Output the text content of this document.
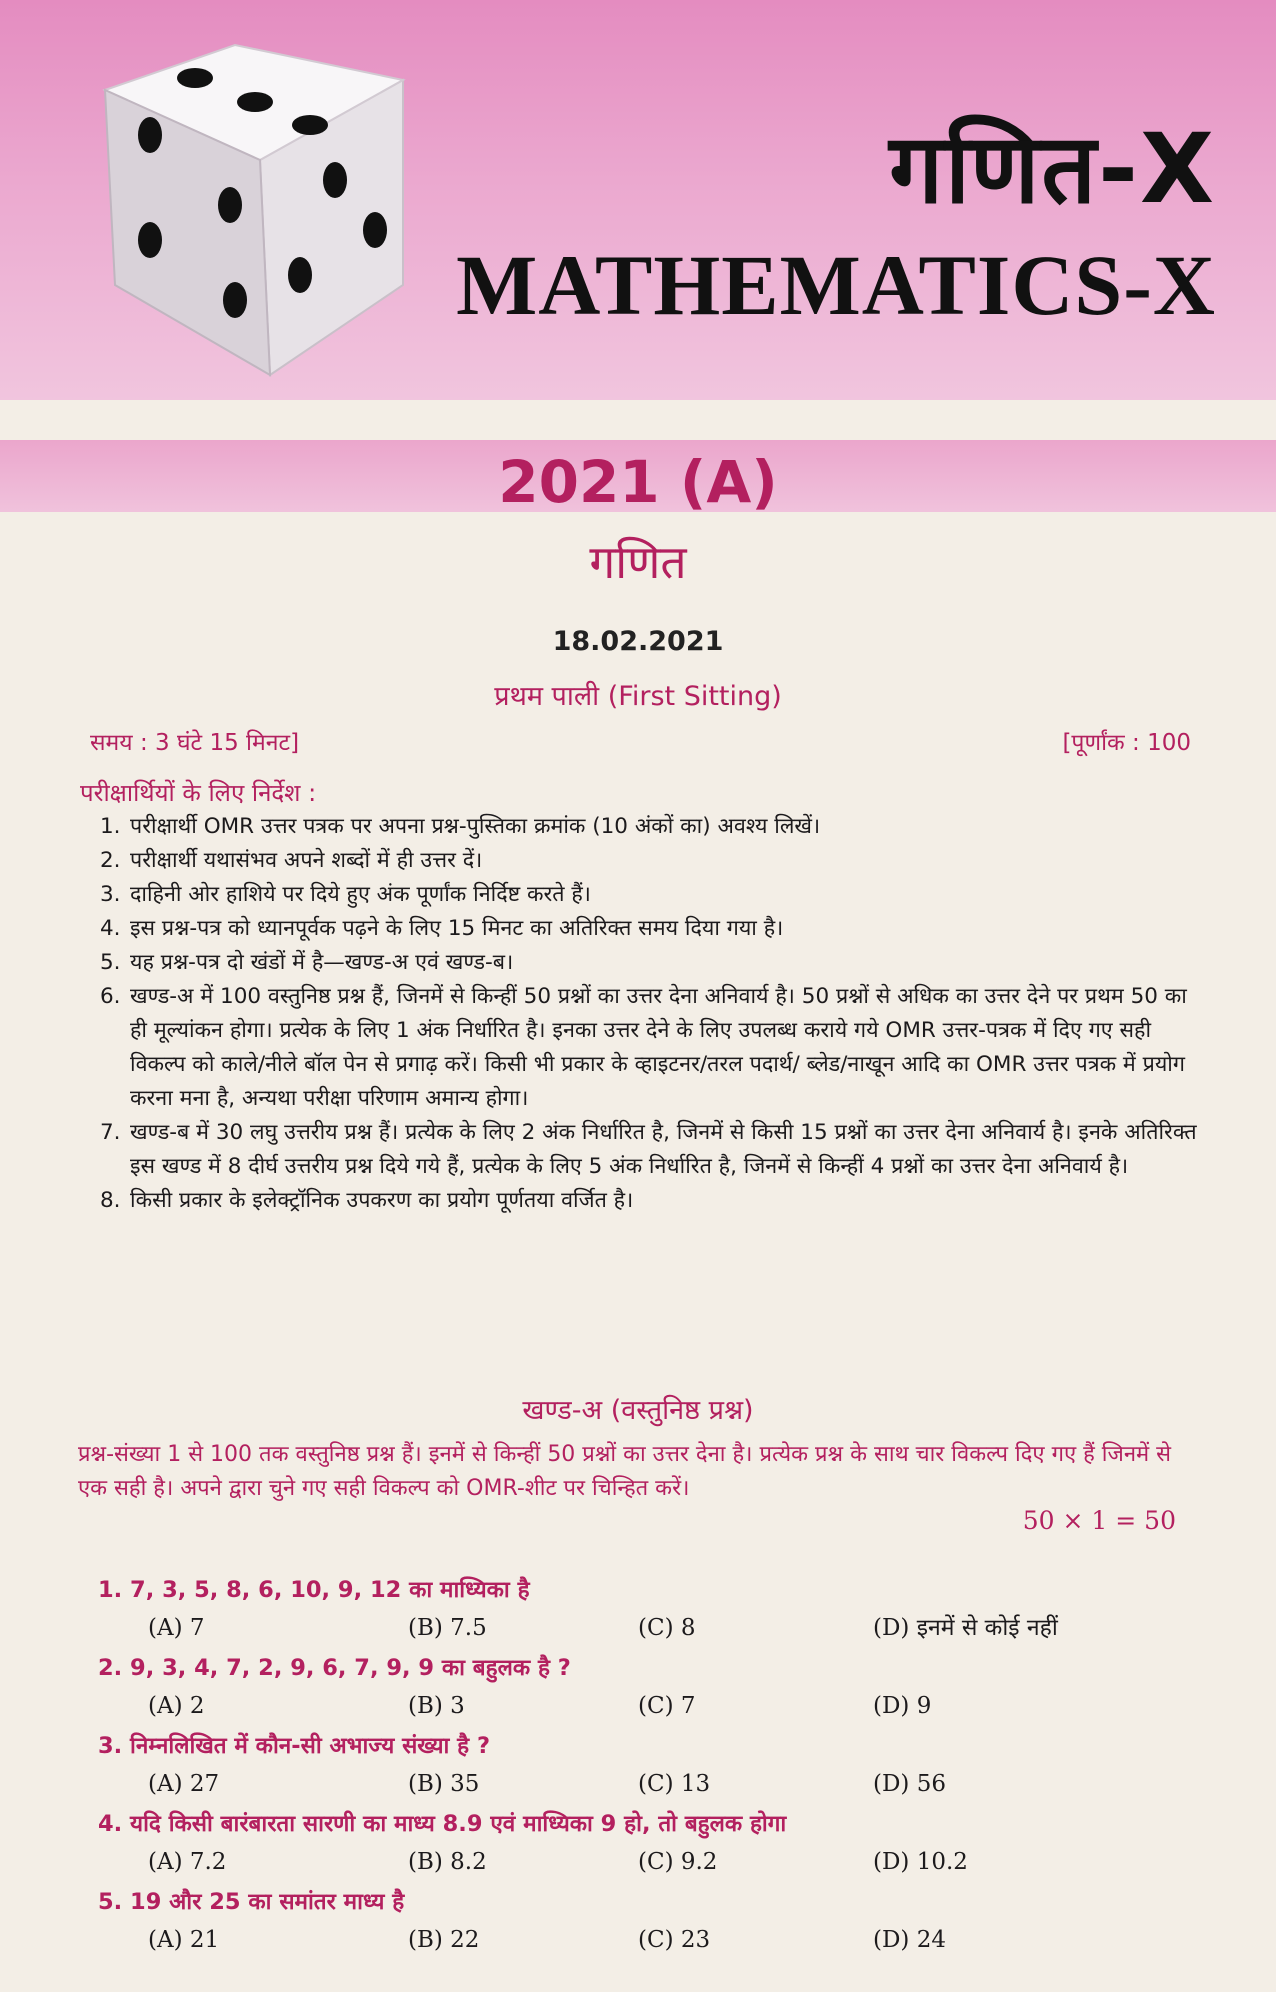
गणित-X
MATHEMATICS-X
2021 (A)
गणित
18.02.2021
प्रथम पाली (First Sitting)
समय : 3 घंटे 15 मिनट]	[पूर्णांक : 100
परीक्षार्थियों के लिए निर्देश :
1. परीक्षार्थी OMR उत्तर पत्रक पर अपना प्रश्न-पुस्तिका क्रमांक (10 अंकों का) अवश्य लिखें।
2. परीक्षार्थी यथासंभव अपने शब्दों में ही उत्तर दें।
3. दाहिनी ओर हाशिये पर दिये हुए अंक पूर्णांक निर्दिष्ट करते हैं।
4. इस प्रश्न-पत्र को ध्यानपूर्वक पढ़ने के लिए 15 मिनट का अतिरिक्त समय दिया गया है।
5. यह प्रश्न-पत्र दो खंडों में है—खण्ड-अ एवं खण्ड-ब।
6. खण्ड-अ में 100 वस्तुनिष्ठ प्रश्न हैं, जिनमें से किन्हीं 50 प्रश्नों का उत्तर देना अनिवार्य है। 50 प्रश्नों से अधिक का उत्तर देने पर प्रथम 50 का ही मूल्यांकन होगा। प्रत्येक के लिए 1 अंक निर्धारित है। इनका उत्तर देने के लिए उपलब्ध कराये गये OMR उत्तर-पत्रक में दिए गए सही विकल्प को काले/नीले बॉल पेन से प्रगाढ़ करें। किसी भी प्रकार के व्हाइटनर/तरल पदार्थ/ ब्लेड/नाखून आदि का OMR उत्तर पत्रक में प्रयोग करना मना है, अन्यथा परीक्षा परिणाम अमान्य होगा।
7. खण्ड-ब में 30 लघु उत्तरीय प्रश्न हैं। प्रत्येक के लिए 2 अंक निर्धारित है, जिनमें से किसी 15 प्रश्नों का उत्तर देना अनिवार्य है। इनके अतिरिक्त इस खण्ड में 8 दीर्घ उत्तरीय प्रश्न दिये गये हैं, प्रत्येक के लिए 5 अंक निर्धारित है, जिनमें से किन्हीं 4 प्रश्नों का उत्तर देना अनिवार्य है।
8. किसी प्रकार के इलेक्ट्रॉनिक उपकरण का प्रयोग पूर्णतया वर्जित है।
खण्ड-अ (वस्तुनिष्ठ प्रश्न)

प्रश्न-संख्या 1 से 100 तक वस्तुनिष्ठ प्रश्न हैं। इनमें से किन्हीं 50 प्रश्नों का उत्तर देना है। प्रत्येक प्रश्न के साथ चार विकल्प दिए गए हैं जिनमें से एक सही है। अपने द्वारा चुने गए सही विकल्प को OMR-शीट पर चिन्हित करें।

50 × 1 = 50
1. 7, 3, 5, 8, 6, 10, 9, 12 का माध्यिका है
(A) 7	(B) 7.5	(C) 8	(D) इनमें से कोई नहीं
2. 9, 3, 4, 7, 2, 9, 6, 7, 9, 9 का बहुलक है ?
(A) 2	(B) 3	(C) 7	(D) 9
3. निम्नलिखित में कौन-सी अभाज्य संख्या है ?
(A) 27	(B) 35	(C) 13	(D) 56
4. यदि किसी बारंबारता सारणी का माध्य 8.9 एवं माध्यिका 9 हो, तो बहुलक होगा
(A) 7.2	(B) 8.2	(C) 9.2	(D) 10.2
5. 19 और 25 का समांतर माध्य है
(A) 21	(B) 22	(C) 23	(D) 24
